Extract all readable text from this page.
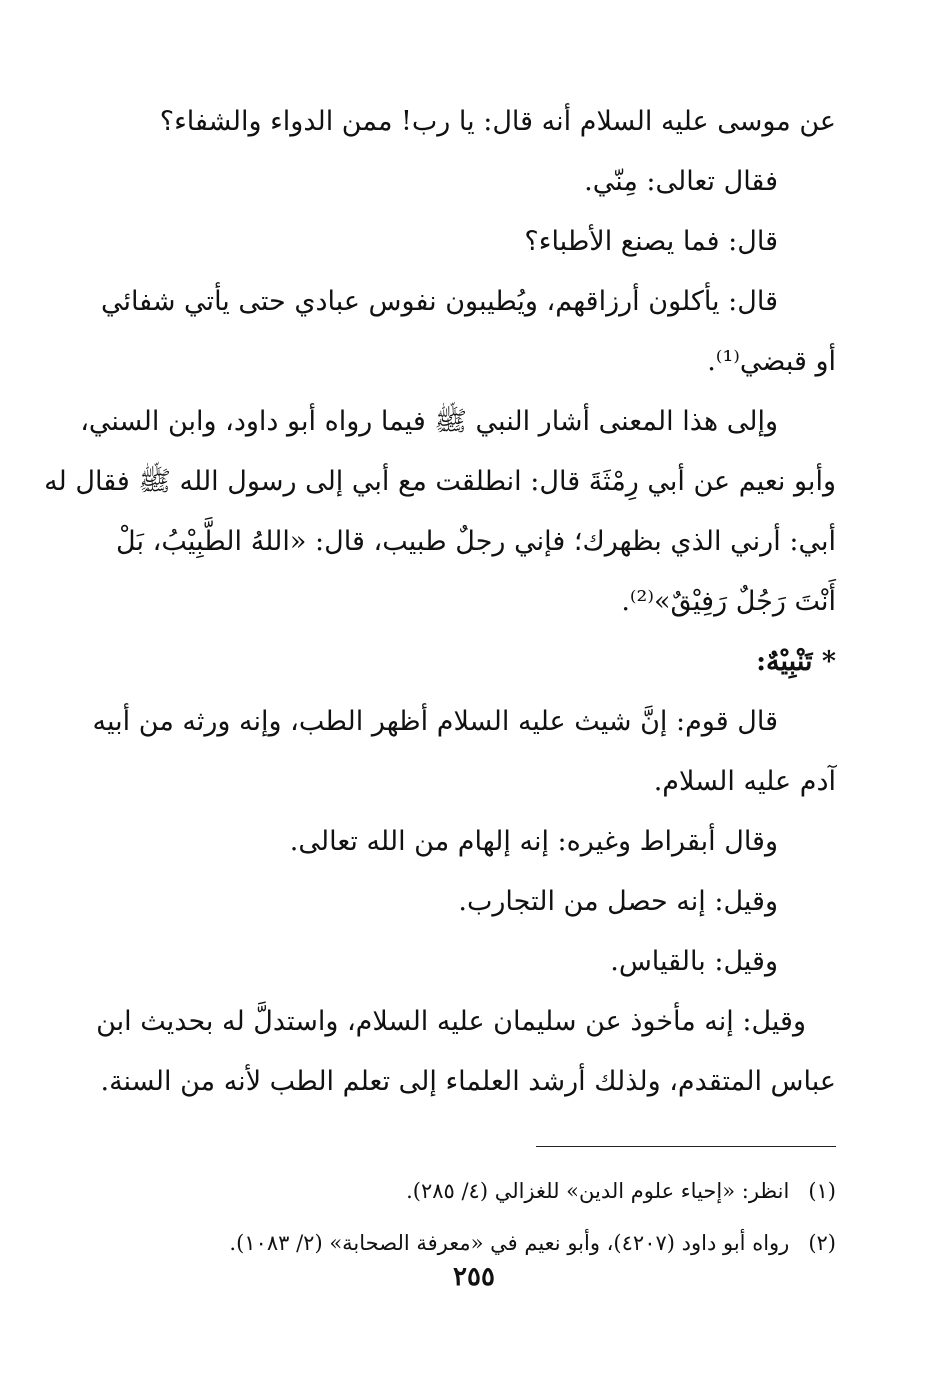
عن موسى عليه السلام أنه قال: يا رب! ممن الدواء والشفاء؟
فقال تعالى: مِنّي.
قال: فما يصنع الأطباء؟
قال: يأكلون أرزاقهم، ويُطيبون نفوس عبادي حتى يأتي شفائي
أو قبضي⁽¹⁾.
وإلى هذا المعنى أشار النبي ﷺ فيما رواه أبو داود، وابن السني،
وأبو نعيم عن أبي رِمْثَةَ قال: انطلقت مع أبي إلى رسول الله ﷺ فقال له
أبي: أرني الذي بظهرك؛ فإني رجلٌ طبيب، قال: «اللهُ الطَّبِيْبُ، بَلْ
أَنْتَ رَجُلٌ رَفِيْقٌ»⁽²⁾.
* تَنْبِيْهٌ:
قال قوم: إنَّ شيث عليه السلام أظهر الطب، وإنه ورثه من أبيه
آدم عليه السلام.
وقال أبقراط وغيره: إنه إلهام من الله تعالى.
وقيل: إنه حصل من التجارب.
وقيل: بالقياس.
وقيل: إنه مأخوذ عن سليمان عليه السلام، واستدلَّ له بحديث ابن
عباس المتقدم، ولذلك أرشد العلماء إلى تعلم الطب لأنه من السنة.
(١) انظر: «إحياء علوم الدين» للغزالي (٤/ ٢٨٥).
(٢) رواه أبو داود (٤٢٠٧)، وأبو نعيم في «معرفة الصحابة» (٢/ ١٠٨٣).
٢٥٥
